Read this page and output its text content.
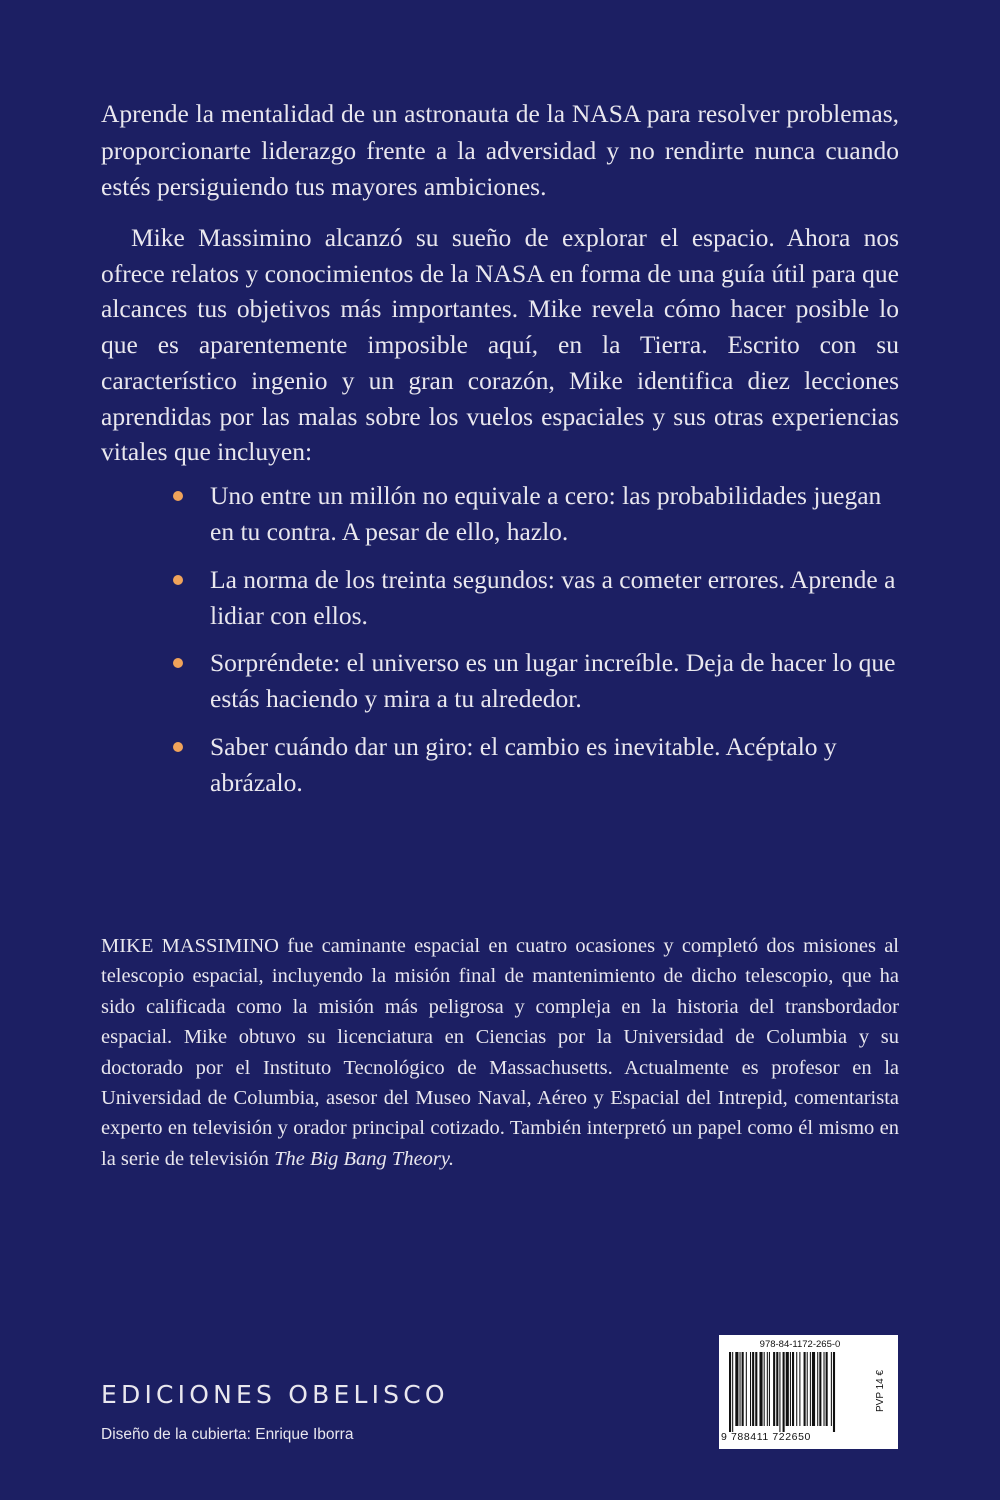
Aprende la mentalidad de un astronauta de la NASA para resolver problemas, proporcionarte liderazgo frente a la adversidad y no rendirte nunca cuando estés persiguiendo tus mayores ambiciones.

Mike Massimino alcanzó su sueño de explorar el espacio. Ahora nos ofrece relatos y conocimientos de la NASA en forma de una guía útil para que alcances tus objetivos más importantes. Mike revela cómo hacer posible lo que es aparentemente imposible aquí, en la Tierra. Escrito con su característico ingenio y un gran corazón, Mike identifica diez lecciones aprendidas por las malas sobre los vuelos espaciales y sus otras experiencias vitales que incluyen:

Uno entre un millón no equivale a cero: las probabilidades juegan en tu contra. A pesar de ello, hazlo.

La norma de los treinta segundos: vas a cometer errores. Aprende a lidiar con ellos.

Sorpréndete: el universo es un lugar increíble. Deja de hacer lo que estás haciendo y mira a tu alrededor.

Saber cuándo dar un giro: el cambio es inevitable. Acéptalo y abrázalo.

MIKE MASSIMINO fue caminante espacial en cuatro ocasiones y completó dos misiones al telescopio espacial, incluyendo la misión final de mantenimiento de dicho telescopio, que ha sido calificada como la misión más peligrosa y compleja en la historia del transbordador espacial. Mike obtuvo su licenciatura en Ciencias por la Universidad de Columbia y su doctorado por el Instituto Tecnológico de Massachusetts. Actualmente es profesor en la Universidad de Columbia, asesor del Museo Naval, Aéreo y Espacial del Intrepid, comentarista experto en televisión y orador principal cotizado. También interpretó un papel como él mismo en la serie de televisión The Big Bang Theory.

EDICIONES OBELISCO

Diseño de la cubierta: Enrique Iborra

978-84-1172-265-0

9 788411 722650

PVP 14 €
